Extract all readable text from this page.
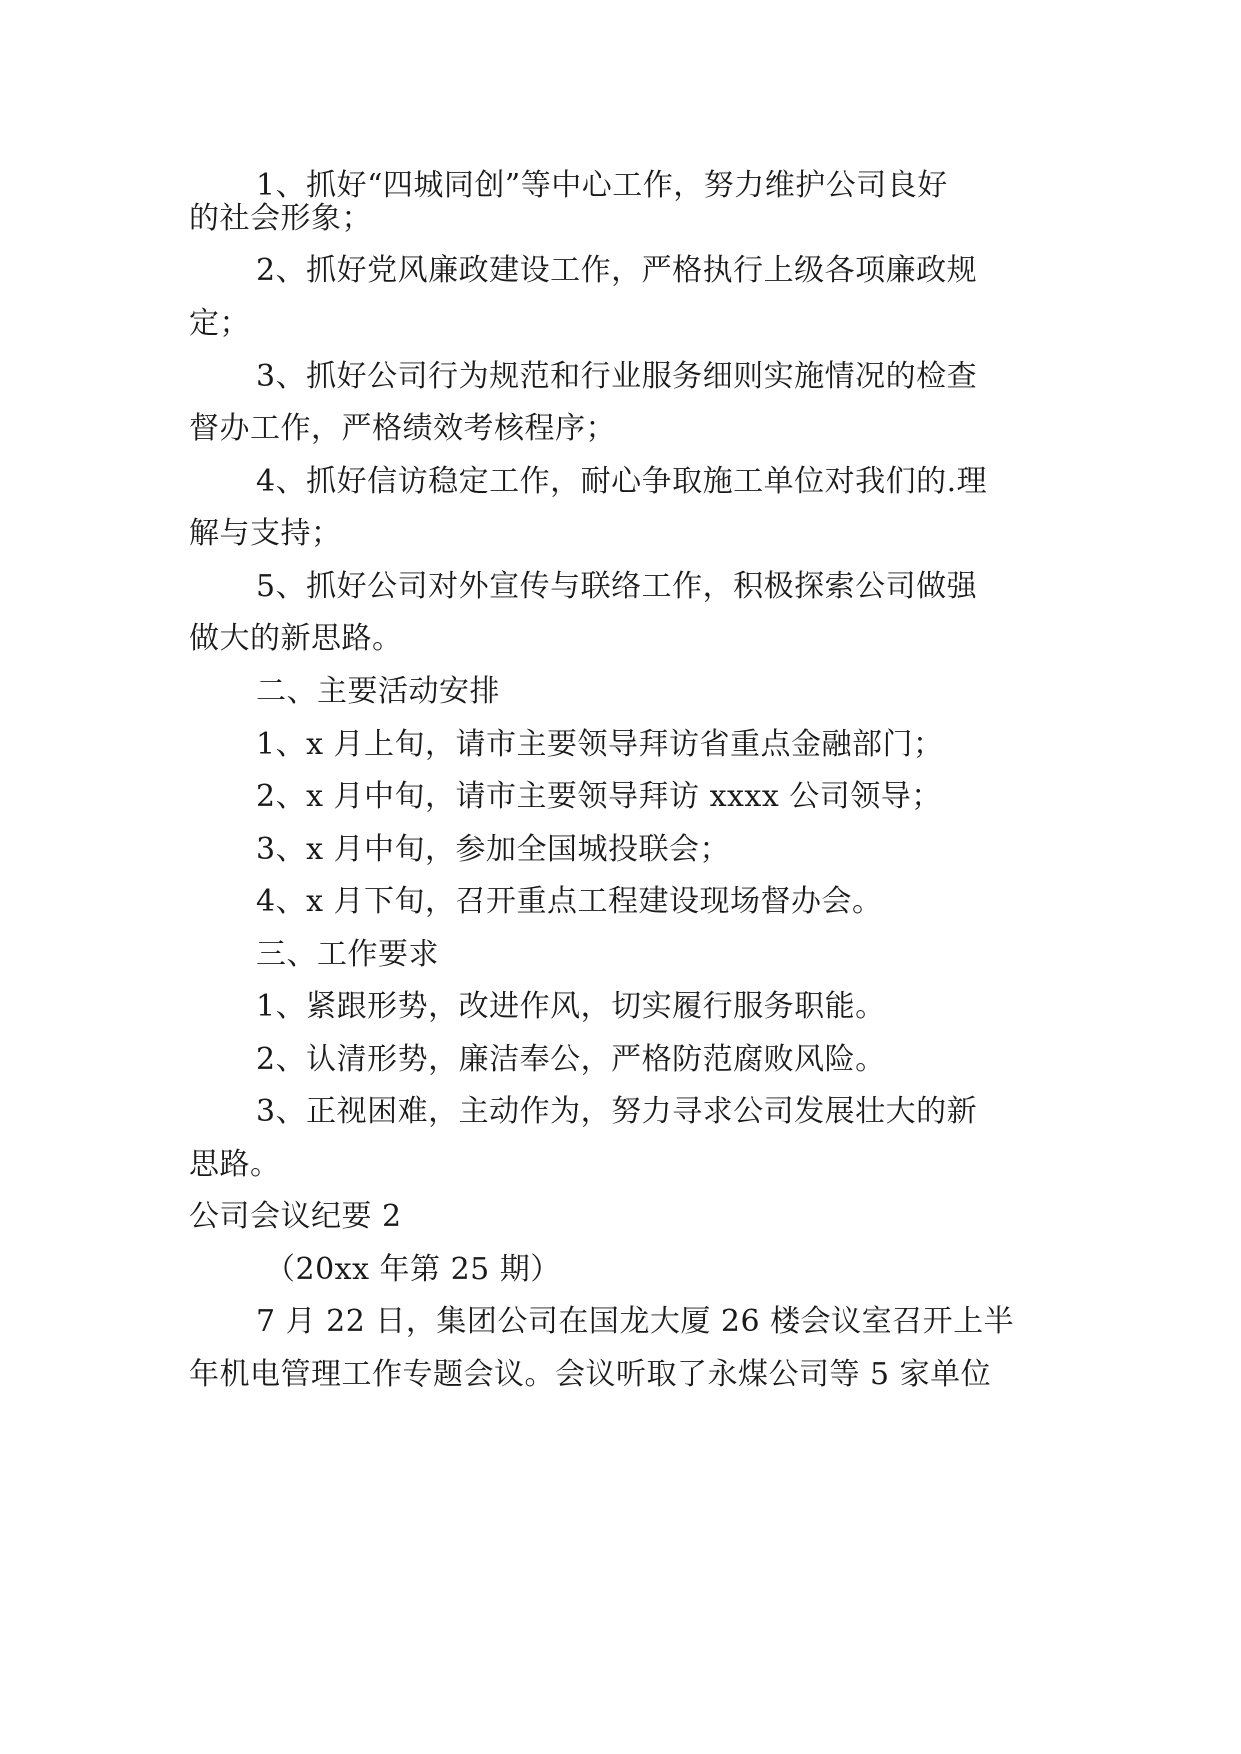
1、抓好“四城同创”等中心工作，努力维护公司良好
的社会形象；
2、抓好党风廉政建设工作，严格执行上级各项廉政规
定；
3、抓好公司行为规范和行业服务细则实施情况的检查
督办工作，严格绩效考核程序；
4、抓好信访稳定工作，耐心争取施工单位对我们的.理
解与支持；
5、抓好公司对外宣传与联络工作，积极探索公司做强
做大的新思路。
二、主要活动安排
1、x 月上旬，请市主要领导拜访省重点金融部门；
2、x 月中旬，请市主要领导拜访 xxxx 公司领导；
3、x 月中旬，参加全国城投联会；
4、x 月下旬，召开重点工程建设现场督办会。
三、工作要求
1、紧跟形势，改进作风，切实履行服务职能。
2、认清形势，廉洁奉公，严格防范腐败风险。
3、正视困难，主动作为，努力寻求公司发展壮大的新
思路。
公司会议纪要 2
（20xx 年第 25 期）
7 月 22 日，集团公司在国龙大厦 26 楼会议室召开上半
年机电管理工作专题会议。会议听取了永煤公司等 5 家单位
